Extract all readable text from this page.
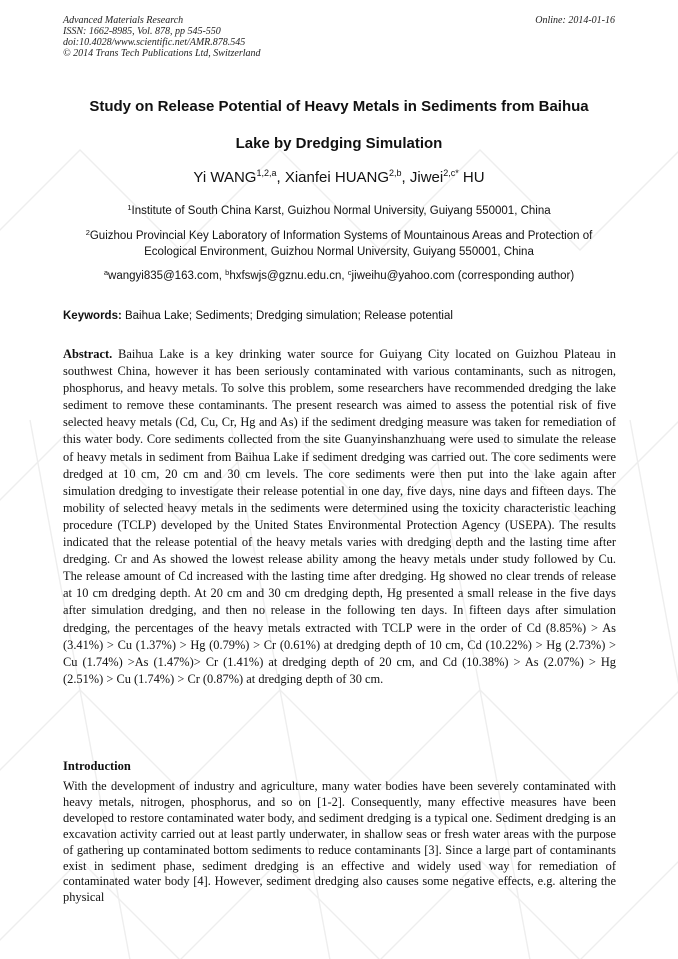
Advanced Materials Research
ISSN: 1662-8985, Vol. 878, pp 545-550
doi:10.4028/www.scientific.net/AMR.878.545
© 2014 Trans Tech Publications Ltd, Switzerland
Online: 2014-01-16
Study on Release Potential of Heavy Metals in Sediments from Baihua
Lake by Dredging Simulation
Yi WANG$^{1,2,a}$, Xianfei HUANG$^{2,b}$, Jiwei$^{2,c*}$ HU
$^1$Institute of South China Karst, Guizhou Normal University, Guiyang 550001, China
$^2$Guizhou Provincial Key Laboratory of Information Systems of Mountainous Areas and Protection of
Ecological Environment, Guizhou Normal University, Guiyang 550001, China
$^a$wangyi835@163.com, $^b$hxfswjs@gznu.edu.cn, $^c$jiweihu@yahoo.com (corresponding author)
Keywords: Baihua Lake; Sediments; Dredging simulation; Release potential
Abstract. Baihua Lake is a key drinking water source for Guiyang City located on Guizhou Plateau in southwest China, however it has been seriously contaminated with various contaminants, such as nitrogen, phosphorus, and heavy metals. To solve this problem, some researchers have recommended dredging the lake sediment to remove these contaminants. The present research was aimed to assess the potential risk of five selected heavy metals (Cd, Cu, Cr, Hg and As) if the sediment dredging measure was taken for remediation of this water body. Core sediments collected from the site Guanyinshanzhuang were used to simulate the release of heavy metals in sediment from Baihua Lake if sediment dredging was carried out. The core sediments were dredged at 10 cm, 20 cm and 30 cm levels. The core sediments were then put into the lake again after simulation dredging to investigate their release potential in one day, five days, nine days and fifteen days. The mobility of selected heavy metals in the sediments were determined using the toxicity characteristic leaching procedure (TCLP) developed by the United States Environmental Protection Agency (USEPA). The results indicated that the release potential of the heavy metals varies with dredging depth and the lasting time after dredging. Cr and As showed the lowest release ability among the heavy metals under study followed by Cu. The release amount of Cd increased with the lasting time after dredging. Hg showed no clear trends of release at 10 cm dredging depth. At 20 cm and 30 cm dredging depth, Hg presented a small release in the five days after simulation dredging, and then no release in the following ten days. In fifteen days after simulation dredging, the percentages of the heavy metals extracted with TCLP were in the order of Cd (8.85%) > As (3.41%) > Cu (1.37%) > Hg (0.79%) > Cr (0.61%) at dredging depth of 10 cm, Cd (10.22%) > Hg (2.73%) > Cu (1.74%) >As (1.47%)> Cr (1.41%) at dredging depth of 20 cm, and Cd (10.38%) > As (2.07%) > Hg (2.51%) > Cu (1.74%) > Cr (0.87%) at dredging depth of 30 cm.
Introduction
With the development of industry and agriculture, many water bodies have been severely contaminated with heavy metals, nitrogen, phosphorus, and so on [1-2]. Consequently, many effective measures have been developed to restore contaminated water body, and sediment dredging is a typical one. Sediment dredging is an excavation activity carried out at least partly underwater, in shallow seas or fresh water areas with the purpose of gathering up contaminated bottom sediments to reduce contaminants [3]. Since a large part of contaminants exist in sediment phase, sediment dredging is an effective and widely used way for remediation of contaminated water body [4]. However, sediment dredging also causes some negative effects, e.g. altering the physical
